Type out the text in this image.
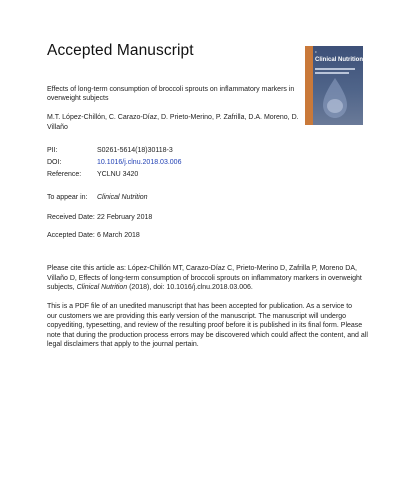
Accepted Manuscript	≡
Clinical Nutrition
Effects of long-term consumption of broccoli sprouts on inflammatory markers in
overweight subjects
M.T. López-Chillón, C. Carazo-Díaz, D. Prieto-Merino, P. Zafrilla, D.A. Moreno, D.
Villaño
PII:	S0261-5614(18)30118-3
DOI:	10.1016/j.clnu.2018.03.006
Reference: YCLNU 3420
To appear in: Clinical Nutrition
Received Date: 22 February 2018
Accepted Date: 6 March 2018
Please cite this article as: López-Chillón MT, Carazo-Díaz C, Prieto-Merino D, Zafrilla P, Moreno DA,
Villaño D, Effects of long-term consumption of broccoli sprouts on inflammatory markers in overweight
subjects, Clinical Nutrition (2018), doi: 10.1016/j.clnu.2018.03.006.
This is a PDF file of an unedited manuscript that has been accepted for publication. As a service to
our customers we are providing this early version of the manuscript. The manuscript will undergo
copyediting, typesetting, and review of the resulting proof before it is published in its final form. Please
note that during the production process errors may be discovered which could affect the content, and all
legal disclaimers that apply to the journal pertain.
